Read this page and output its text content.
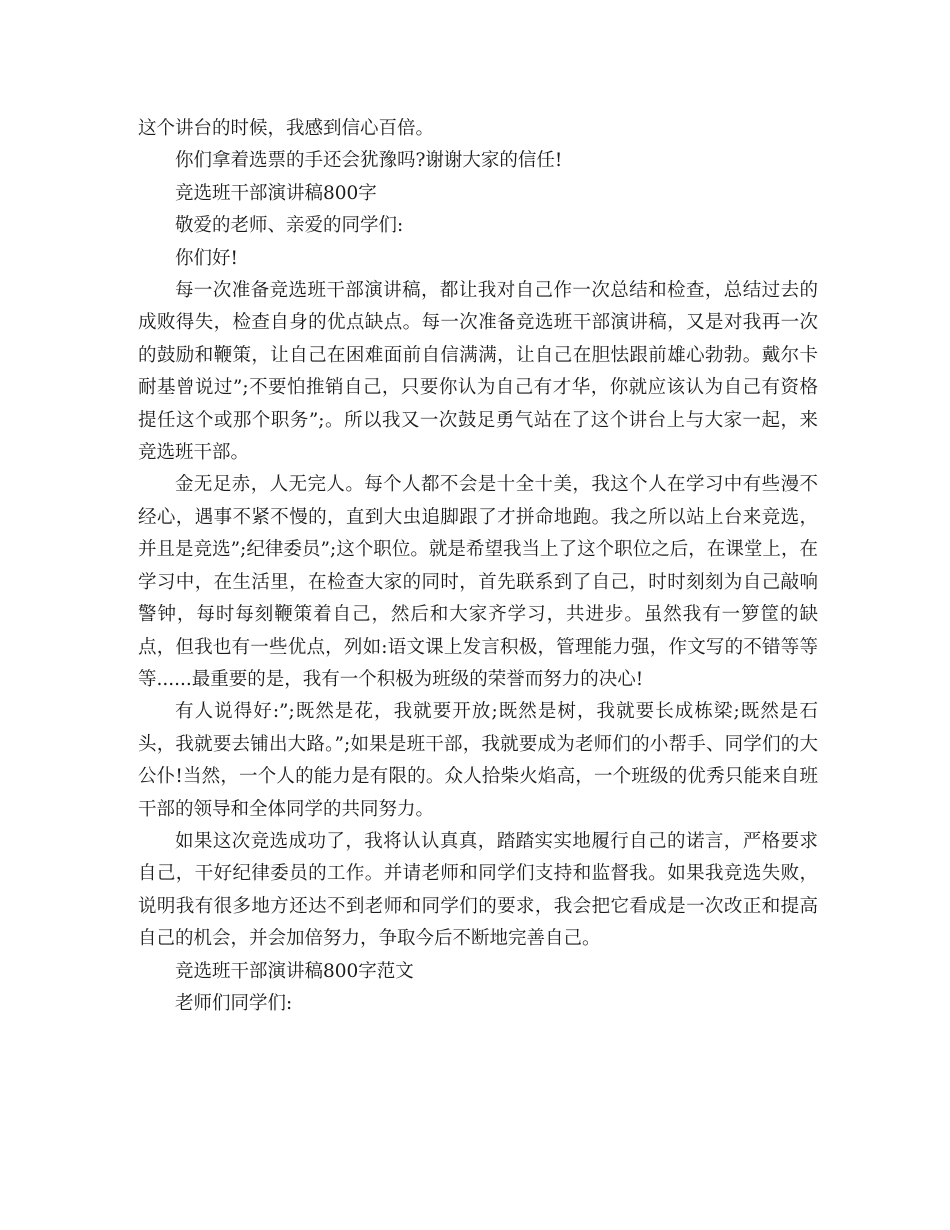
这个讲台的时候，我感到信心百倍。

你们拿着选票的手还会犹豫吗?谢谢大家的信任!

竞选班干部演讲稿800字

敬爱的老师、亲爱的同学们:

你们好!

每一次准备竞选班干部演讲稿，都让我对自己作一次总结和检查，总结过去的成败得失，检查自身的优点缺点。每一次准备竞选班干部演讲稿，又是对我再一次的鼓励和鞭策，让自己在困难面前自信满满，让自己在胆怯跟前雄心勃勃。戴尔卡耐基曾说过”;不要怕推销自己，只要你认为自己有才华，你就应该认为自己有资格提任这个或那个职务”;。所以我又一次鼓足勇气站在了这个讲台上与大家一起，来竞选班干部。

金无足赤，人无完人。每个人都不会是十全十美，我这个人在学习中有些漫不经心，遇事不紧不慢的，直到大虫追脚跟了才拼命地跑。我之所以站上台来竞选，并且是竞选”;纪律委员”;这个职位。就是希望我当上了这个职位之后，在课堂上，在学习中，在生活里，在检查大家的同时，首先联系到了自己，时时刻刻为自己敲响警钟，每时每刻鞭策着自己，然后和大家齐学习，共进步。虽然我有一箩筐的缺点，但我也有一些优点，列如:语文课上发言积极，管理能力强，作文写的不错等等等......最重要的是，我有一个积极为班级的荣誉而努力的决心!

有人说得好:”;既然是花，我就要开放;既然是树，我就要长成栋梁;既然是石头，我就要去铺出大路。”;如果是班干部，我就要成为老师们的小帮手、同学们的大公仆!当然，一个人的能力是有限的。众人拾柴火焰高，一个班级的优秀只能来自班干部的领导和全体同学的共同努力。

如果这次竞选成功了，我将认认真真，踏踏实实地履行自己的诺言，严格要求自己，干好纪律委员的工作。并请老师和同学们支持和监督我。如果我竞选失败，说明我有很多地方还达不到老师和同学们的要求，我会把它看成是一次改正和提高自己的机会，并会加倍努力，争取今后不断地完善自己。

竞选班干部演讲稿800字范文

老师们同学们:
